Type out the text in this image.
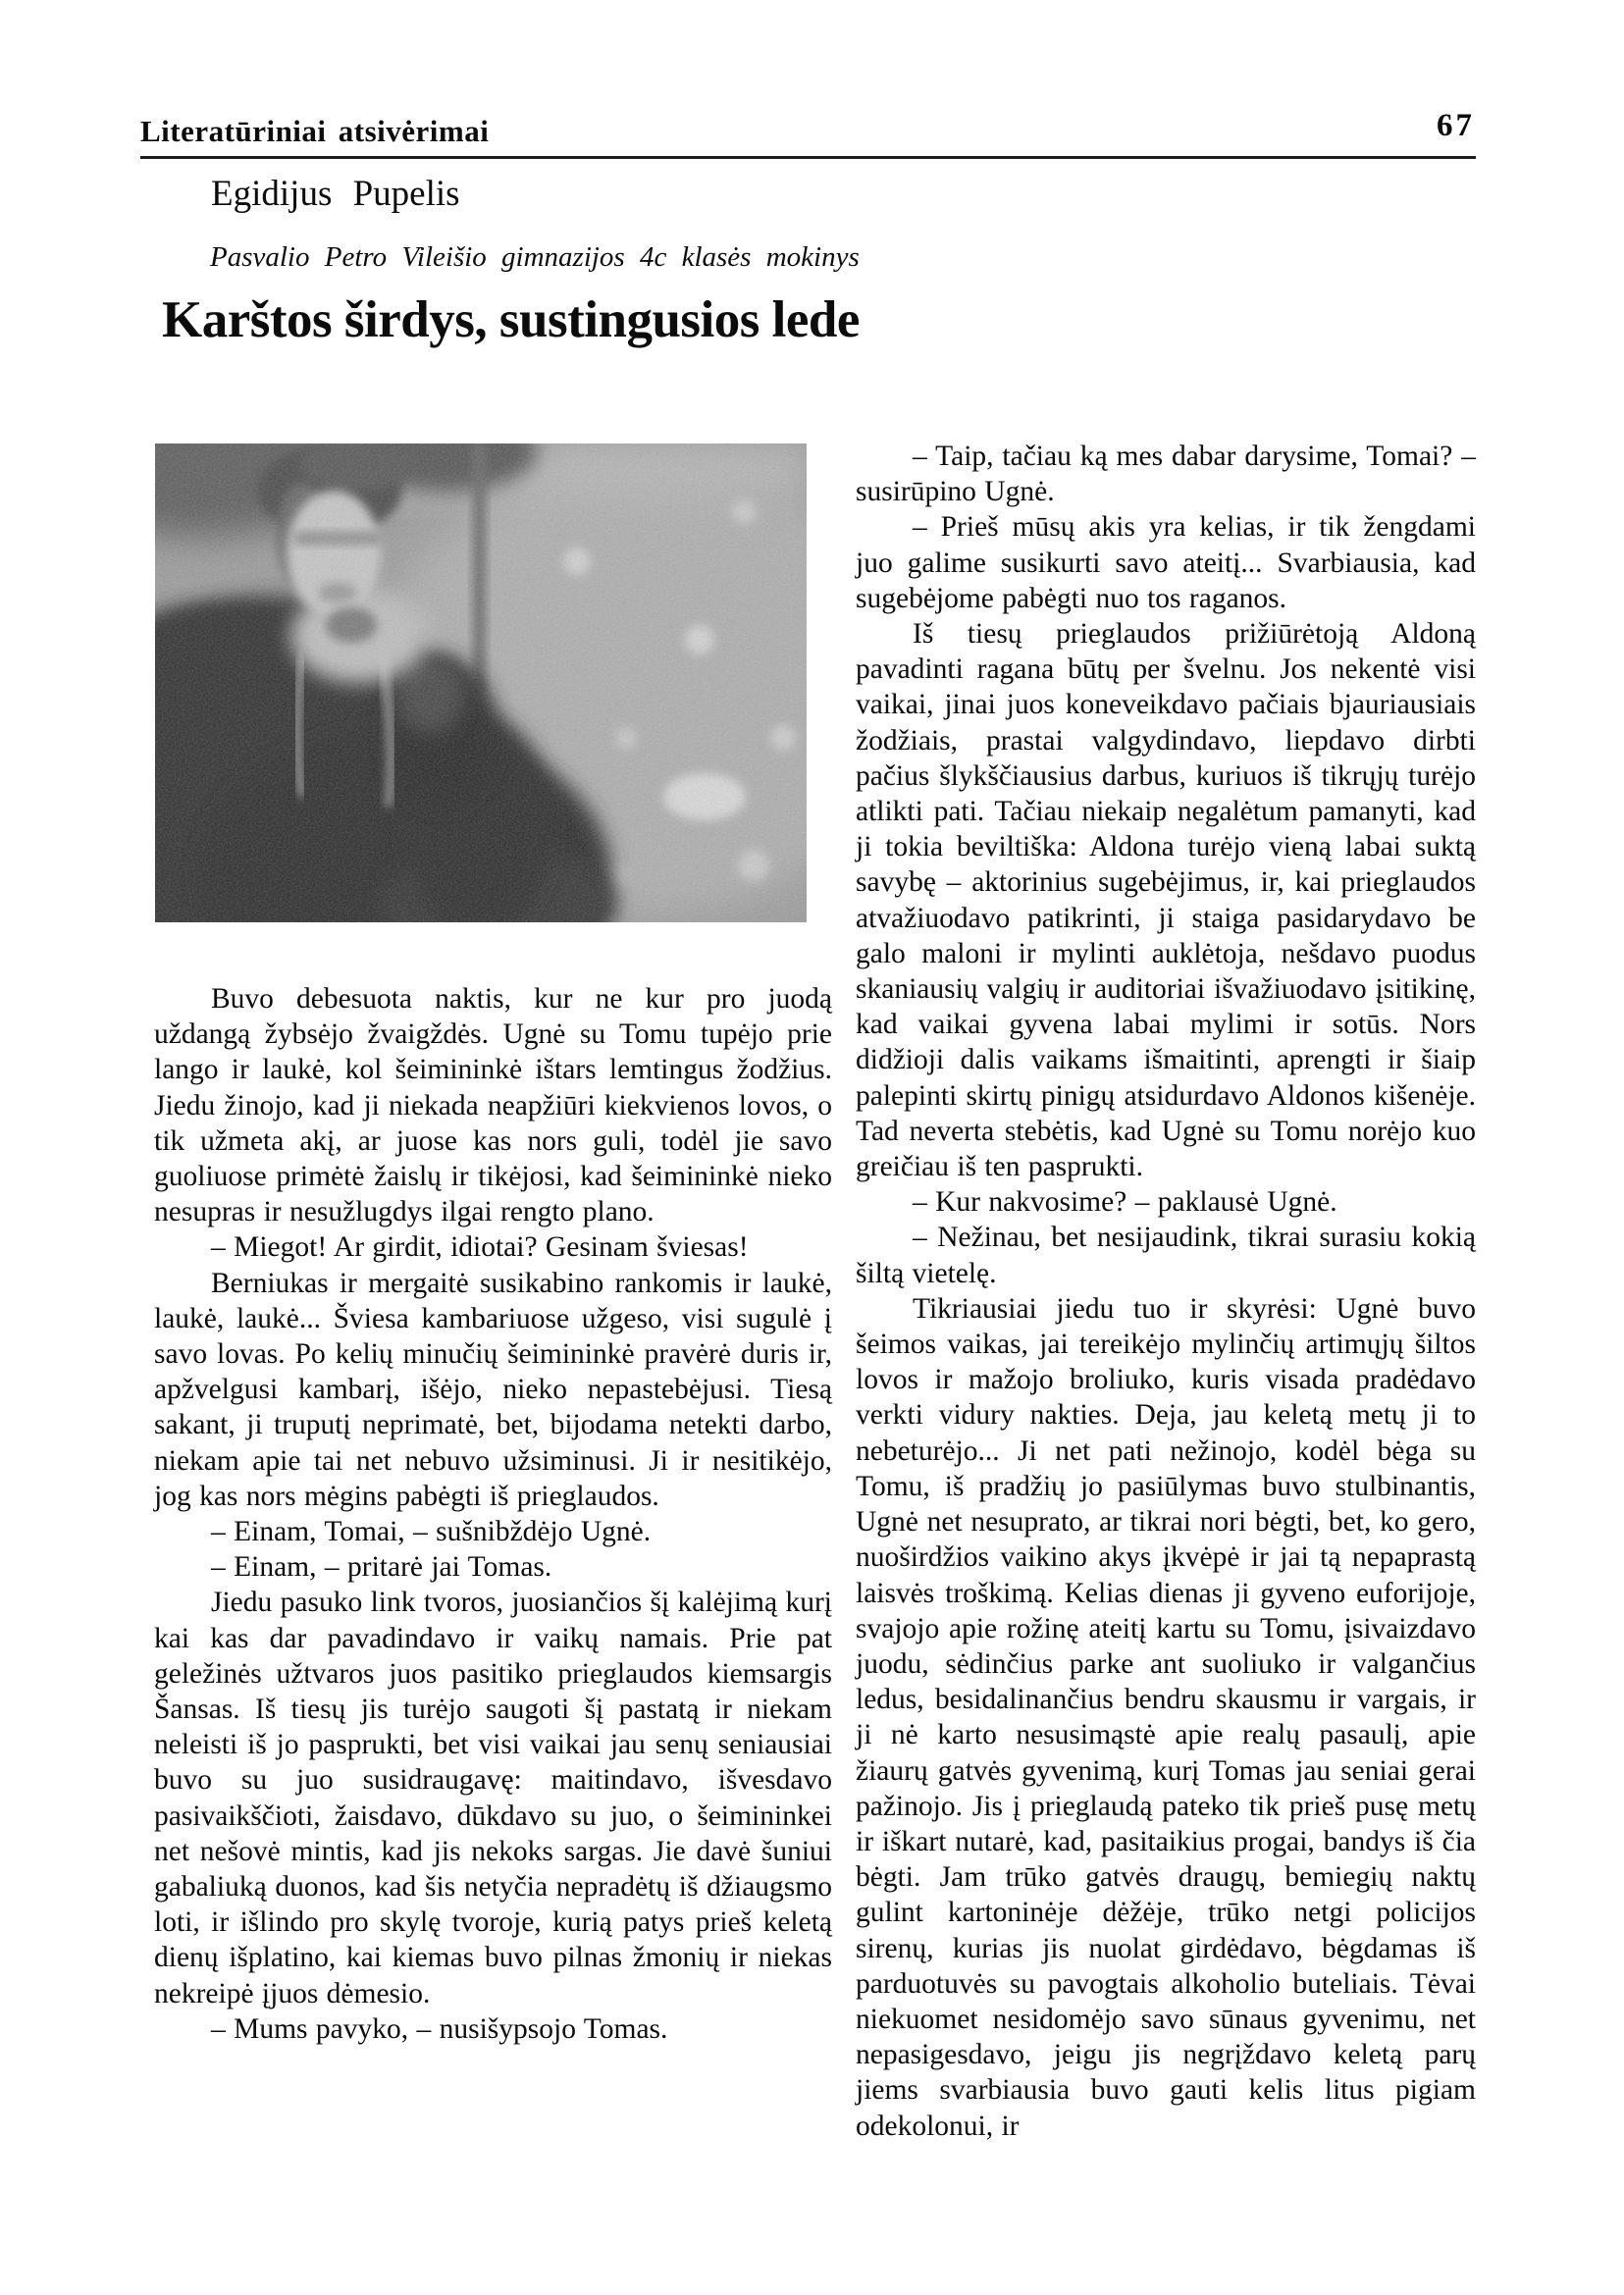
Literatūriniai atsivėrimai	67
Egidijus Pupelis
Pasvalio Petro Vileišio gimnazijos 4c klasės mokinys
Karštos širdys, sustingusios lede

Buvo debesuota naktis, kur ne kur pro juodą uždangą žybsėjo žvaigždės. Ugnė su Tomu tupėjo prie lango ir laukė, kol šeimininkė ištars lemtingus žodžius. Jiedu žinojo, kad ji niekada neapžiūri kiekvienos lovos, o tik užmeta akį, ar juose kas nors guli, todėl jie savo guoliuose primėtė žaislų ir tikėjosi, kad šeimininkė nieko nesupras ir nesužlugdys ilgai rengto plano.

– Miegot! Ar girdit, idiotai? Gesinam šviesas!

Berniukas ir mergaitė susikabino rankomis ir laukė, laukė, laukė... Šviesa kambariuose užgeso, visi sugulė į savo lovas. Po kelių minučių šeimininkė pravėrė duris ir, apžvelgusi kambarį, išėjo, nieko nepastebėjusi. Tiesą sakant, ji truputį neprimatė, bet, bijodama netekti darbo, niekam apie tai net nebuvo užsiminusi. Ji ir nesitikėjo, jog kas nors mėgins pabėgti iš prieglaudos.

– Einam, Tomai, – sušnibždėjo Ugnė.

– Einam, – pritarė jai Tomas.

Jiedu pasuko link tvoros, juosiančios šį kalėjimą kurį kai kas dar pavadindavo ir vaikų namais. Prie pat geležinės užtvaros juos pasitiko prieglaudos kiemsargis Šansas. Iš tiesų jis turėjo saugoti šį pastatą ir niekam neleisti iš jo pasprukti, bet visi vaikai jau senų seniausiai buvo su juo susidraugavę: maitindavo, išvesdavo pasivaikščioti, žaisdavo, dūkdavo su juo, o šeimininkei net nešovė mintis, kad jis nekoks sargas. Jie davė šuniui gabaliuką duonos, kad šis netyčia nepradėtų iš džiaugsmo loti, ir išlindo pro skylę tvoroje, kurią patys prieš keletą dienų išplatino, kai kiemas buvo pilnas žmonių ir niekas nekreipė įjuos dėmesio.

– Mums pavyko, – nusišypsojo Tomas.

– Taip, tačiau ką mes dabar darysime, Tomai? – susirūpino Ugnė.

– Prieš mūsų akis yra kelias, ir tik žengdami juo galime susikurti savo ateitį... Svarbiausia, kad sugebėjome pabėgti nuo tos raganos.

Iš tiesų prieglaudos prižiūrėtoją Aldoną pavadinti ragana būtų per švelnu. Jos nekentė visi vaikai, jinai juos koneveikdavo pačiais bjauriausiais žodžiais, prastai valgydindavo, liepdavo dirbti pačius šlykščiausius darbus, kuriuos iš tikrųjų turėjo atlikti pati. Tačiau niekaip negalėtum pamanyti, kad ji tokia beviltiška: Aldona turėjo vieną labai suktą savybę – aktorinius sugebėjimus, ir, kai prieglaudos atvažiuodavo patikrinti, ji staiga pasidarydavo be galo maloni ir mylinti auklėtoja, nešdavo puodus skaniausių valgių ir auditoriai išvažiuodavo įsitikinę, kad vaikai gyvena labai mylimi ir sotūs. Nors didžioji dalis vaikams išmaitinti, aprengti ir šiaip palepinti skirtų pinigų atsidurdavo Aldonos kišenėje. Tad neverta stebėtis, kad Ugnė su Tomu norėjo kuo greičiau iš ten pasprukti.

– Kur nakvosime? – paklausė Ugnė.

– Nežinau, bet nesijaudink, tikrai surasiu kokią šiltą vietelę.

Tikriausiai jiedu tuo ir skyrėsi: Ugnė buvo šeimos vaikas, jai tereikėjo mylinčių artimųjų šiltos lovos ir mažojo broliuko, kuris visada pradėdavo verkti vidury nakties. Deja, jau keletą metų ji to nebeturėjo... Ji net pati nežinojo, kodėl bėga su Tomu, iš pradžių jo pasiūlymas buvo stulbinantis, Ugnė net nesuprato, ar tikrai nori bėgti, bet, ko gero, nuoširdžios vaikino akys įkvėpė ir jai tą nepaprastą laisvės troškimą. Kelias dienas ji gyveno euforijoje, svajojo apie rožinę ateitį kartu su Tomu, įsivaizdavo juodu, sėdinčius parke ant suoliuko ir valgančius ledus, besidalinančius bendru skausmu ir vargais, ir ji nė karto nesusimąstė apie realų pasaulį, apie žiaurų gatvės gyvenimą, kurį Tomas jau seniai gerai pažinojo. Jis į prieglaudą pateko tik prieš pusę metų ir iškart nutarė, kad, pasitaikius progai, bandys iš čia bėgti. Jam trūko gatvės draugų, bemiegių naktų gulint kartoninėje dėžėje, trūko netgi policijos sirenų, kurias jis nuolat girdėdavo, bėgdamas iš parduotuvės su pavogtais alkoholio buteliais. Tėvai niekuomet nesidomėjo savo sūnaus gyvenimu, net nepasigesdavo, jeigu jis negrįždavo keletą parų jiems svarbiausia buvo gauti kelis litus pigiam odekolonui, ir
